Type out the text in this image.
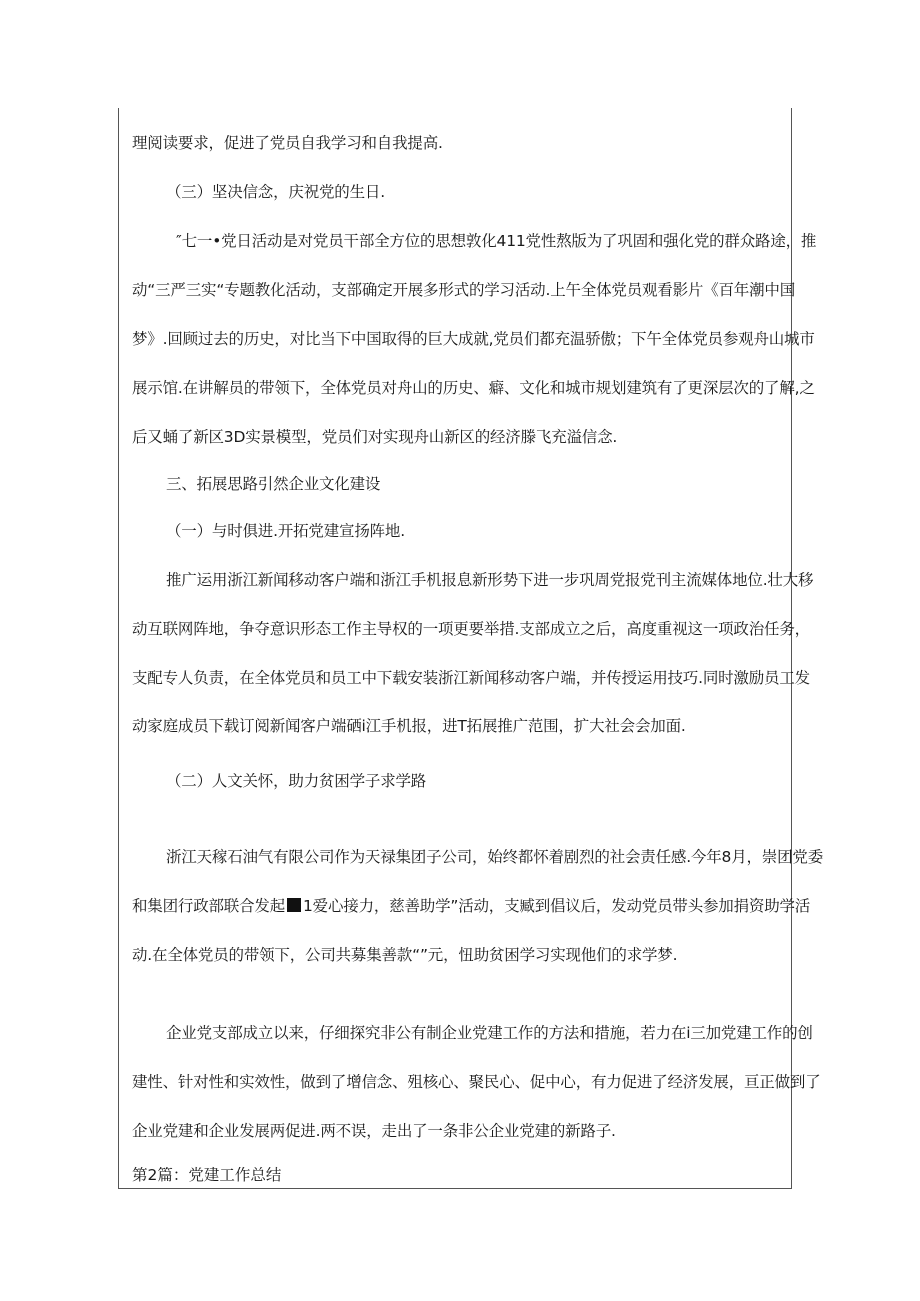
理阅读要求，促进了党员自我学习和自我提高.
（三）坚决信念，庆祝党的生日.
″七一•党日活动是对党员干部全方位的思想敦化411党性熬版为了巩固和强化党的群众路途，推
动“三严三实“专题教化活动，支部确定开展多形式的学习活动.上午全体党员观看影片《百年潮中国
梦》.回顾过去的历史，对比当下中国取得的巨大成就,党员们都充温骄傲；下午全体党员参观舟山城市
展示馆.在讲解员的带领下，全体党员对舟山的历史、癖、文化和城市规划建筑有了更深层次的了解,之
后又蛹了新区3D实景模型，党员们对实现舟山新区的经济滕飞充溢信念.
三、拓展思路引然企业文化建设
（一）与时俱进.开拓党建宣扬阵地.
推广运用浙江新闻移动客户端和浙江手机报息新形势下进一步巩周党报党刊主流媒体地位.壮大移
动互联网阵地，争夺意识形态工作主导权的一项更要举措.支部成立之后，高度重视这一项政治任务，
支配专人负责，在全体党员和员工中下载安装浙江新闻移动客户端，并传授运用技巧.同时激励员工发
动家庭成员下载订阅新闻客户端硒i江手机报，进T拓展推广范围，扩大社会会加面.
（二）人文关怀，助力贫困学子求学路
浙江天稼石油气有限公司作为天禄集团子公司，始终都怀着剧烈的社会责任感.今年8月，崇团党委
和集团行政部联合发起 1爱心接力，慈善助学”活动，支臧到倡议后，发动党员带头参加捐资助学活
动.在全体党员的带领下，公司共募集善款“”元，忸助贫困学习实现他们的求学梦.
企业党支部成立以来，仔细探究非公有制企业党建工作的方法和措施，若力在i三加党建工作的创
建性、针对性和实效性，做到了增信念、殂核心、聚民心、促中心，有力促进了经济发展，亘正做到了
企业党建和企业发展两促进.两不误，走出了一条非公企业党建的新路子.
第2篇：党建工作总结
